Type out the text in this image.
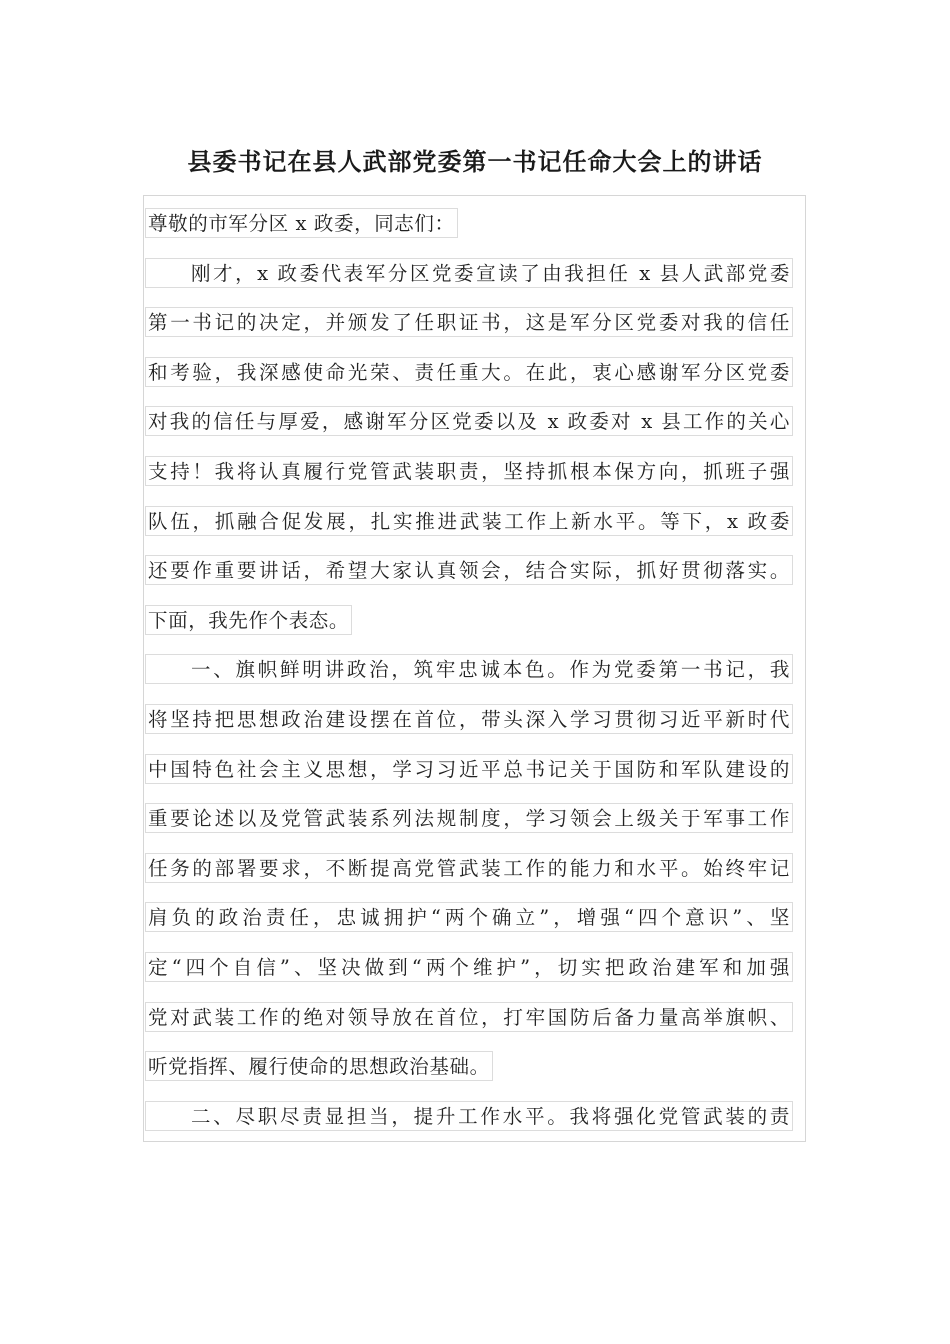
县委书记在县人武部党委第一书记任命大会上的讲话
尊敬的市军分区 x 政委，同志们：
刚才，x 政委代表军分区党委宣读了由我担任 x 县人武部党委
第一书记的决定，并颁发了任职证书，这是军分区党委对我的信任
和考验，我深感使命光荣、责任重大。在此，衷心感谢军分区党委
对我的信任与厚爱，感谢军分区党委以及 x 政委对 x 县工作的关心
支持！我将认真履行党管武装职责，坚持抓根本保方向，抓班子强
队伍，抓融合促发展，扎实推进武装工作上新水平。等下，x 政委
还要作重要讲话，希望大家认真领会，结合实际，抓好贯彻落实。
下面，我先作个表态。
一、旗帜鲜明讲政治，筑牢忠诚本色。作为党委第一书记，我
将坚持把思想政治建设摆在首位，带头深入学习贯彻习近平新时代
中国特色社会主义思想，学习习近平总书记关于国防和军队建设的
重要论述以及党管武装系列法规制度，学习领会上级关于军事工作
任务的部署要求，不断提高党管武装工作的能力和水平。始终牢记
肩负的政治责任，忠诚拥护“两个确立”，增强“四个意识”、坚
定“四个自信”、坚决做到“两个维护”，切实把政治建军和加强
党对武装工作的绝对领导放在首位，打牢国防后备力量高举旗帜、
听党指挥、履行使命的思想政治基础。
二、尽职尽责显担当，提升工作水平。我将强化党管武装的责
